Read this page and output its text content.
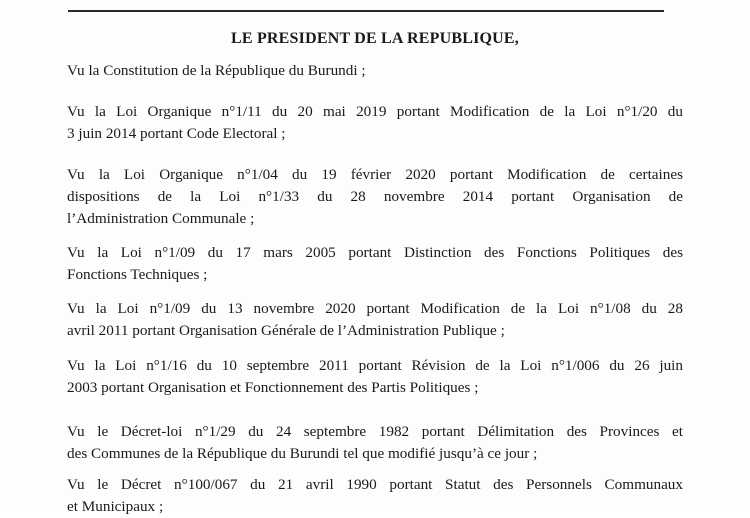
LE PRESIDENT DE LA REPUBLIQUE,

Vu la Constitution de la République du Burundi ;

Vu la Loi Organique n°1/11 du 20 mai 2019 portant Modification de la Loi n°1/20 du
3 juin 2014 portant Code Electoral ;

Vu la Loi Organique n°1/04 du 19 février 2020 portant Modification de certaines
dispositions de la Loi n°1/33 du 28 novembre 2014 portant Organisation de
l’Administration Communale ;

Vu la Loi n°1/09 du 17 mars 2005 portant Distinction des Fonctions Politiques des
Fonctions Techniques ;

Vu la Loi n°1/09 du 13 novembre 2020 portant Modification de la Loi n°1/08 du 28
avril 2011 portant Organisation Générale de l’Administration Publique ;

Vu la Loi n°1/16 du 10 septembre 2011 portant Révision de la Loi n°1/006 du 26 juin
2003 portant Organisation et Fonctionnement des Partis Politiques ;

Vu le Décret-loi n°1/29 du 24 septembre 1982 portant Délimitation des Provinces et
des Communes de la République du Burundi tel que modifié jusqu’à ce jour ;

Vu le Décret n°100/067 du 21 avril 1990 portant Statut des Personnels Communaux
et Municipaux ;
